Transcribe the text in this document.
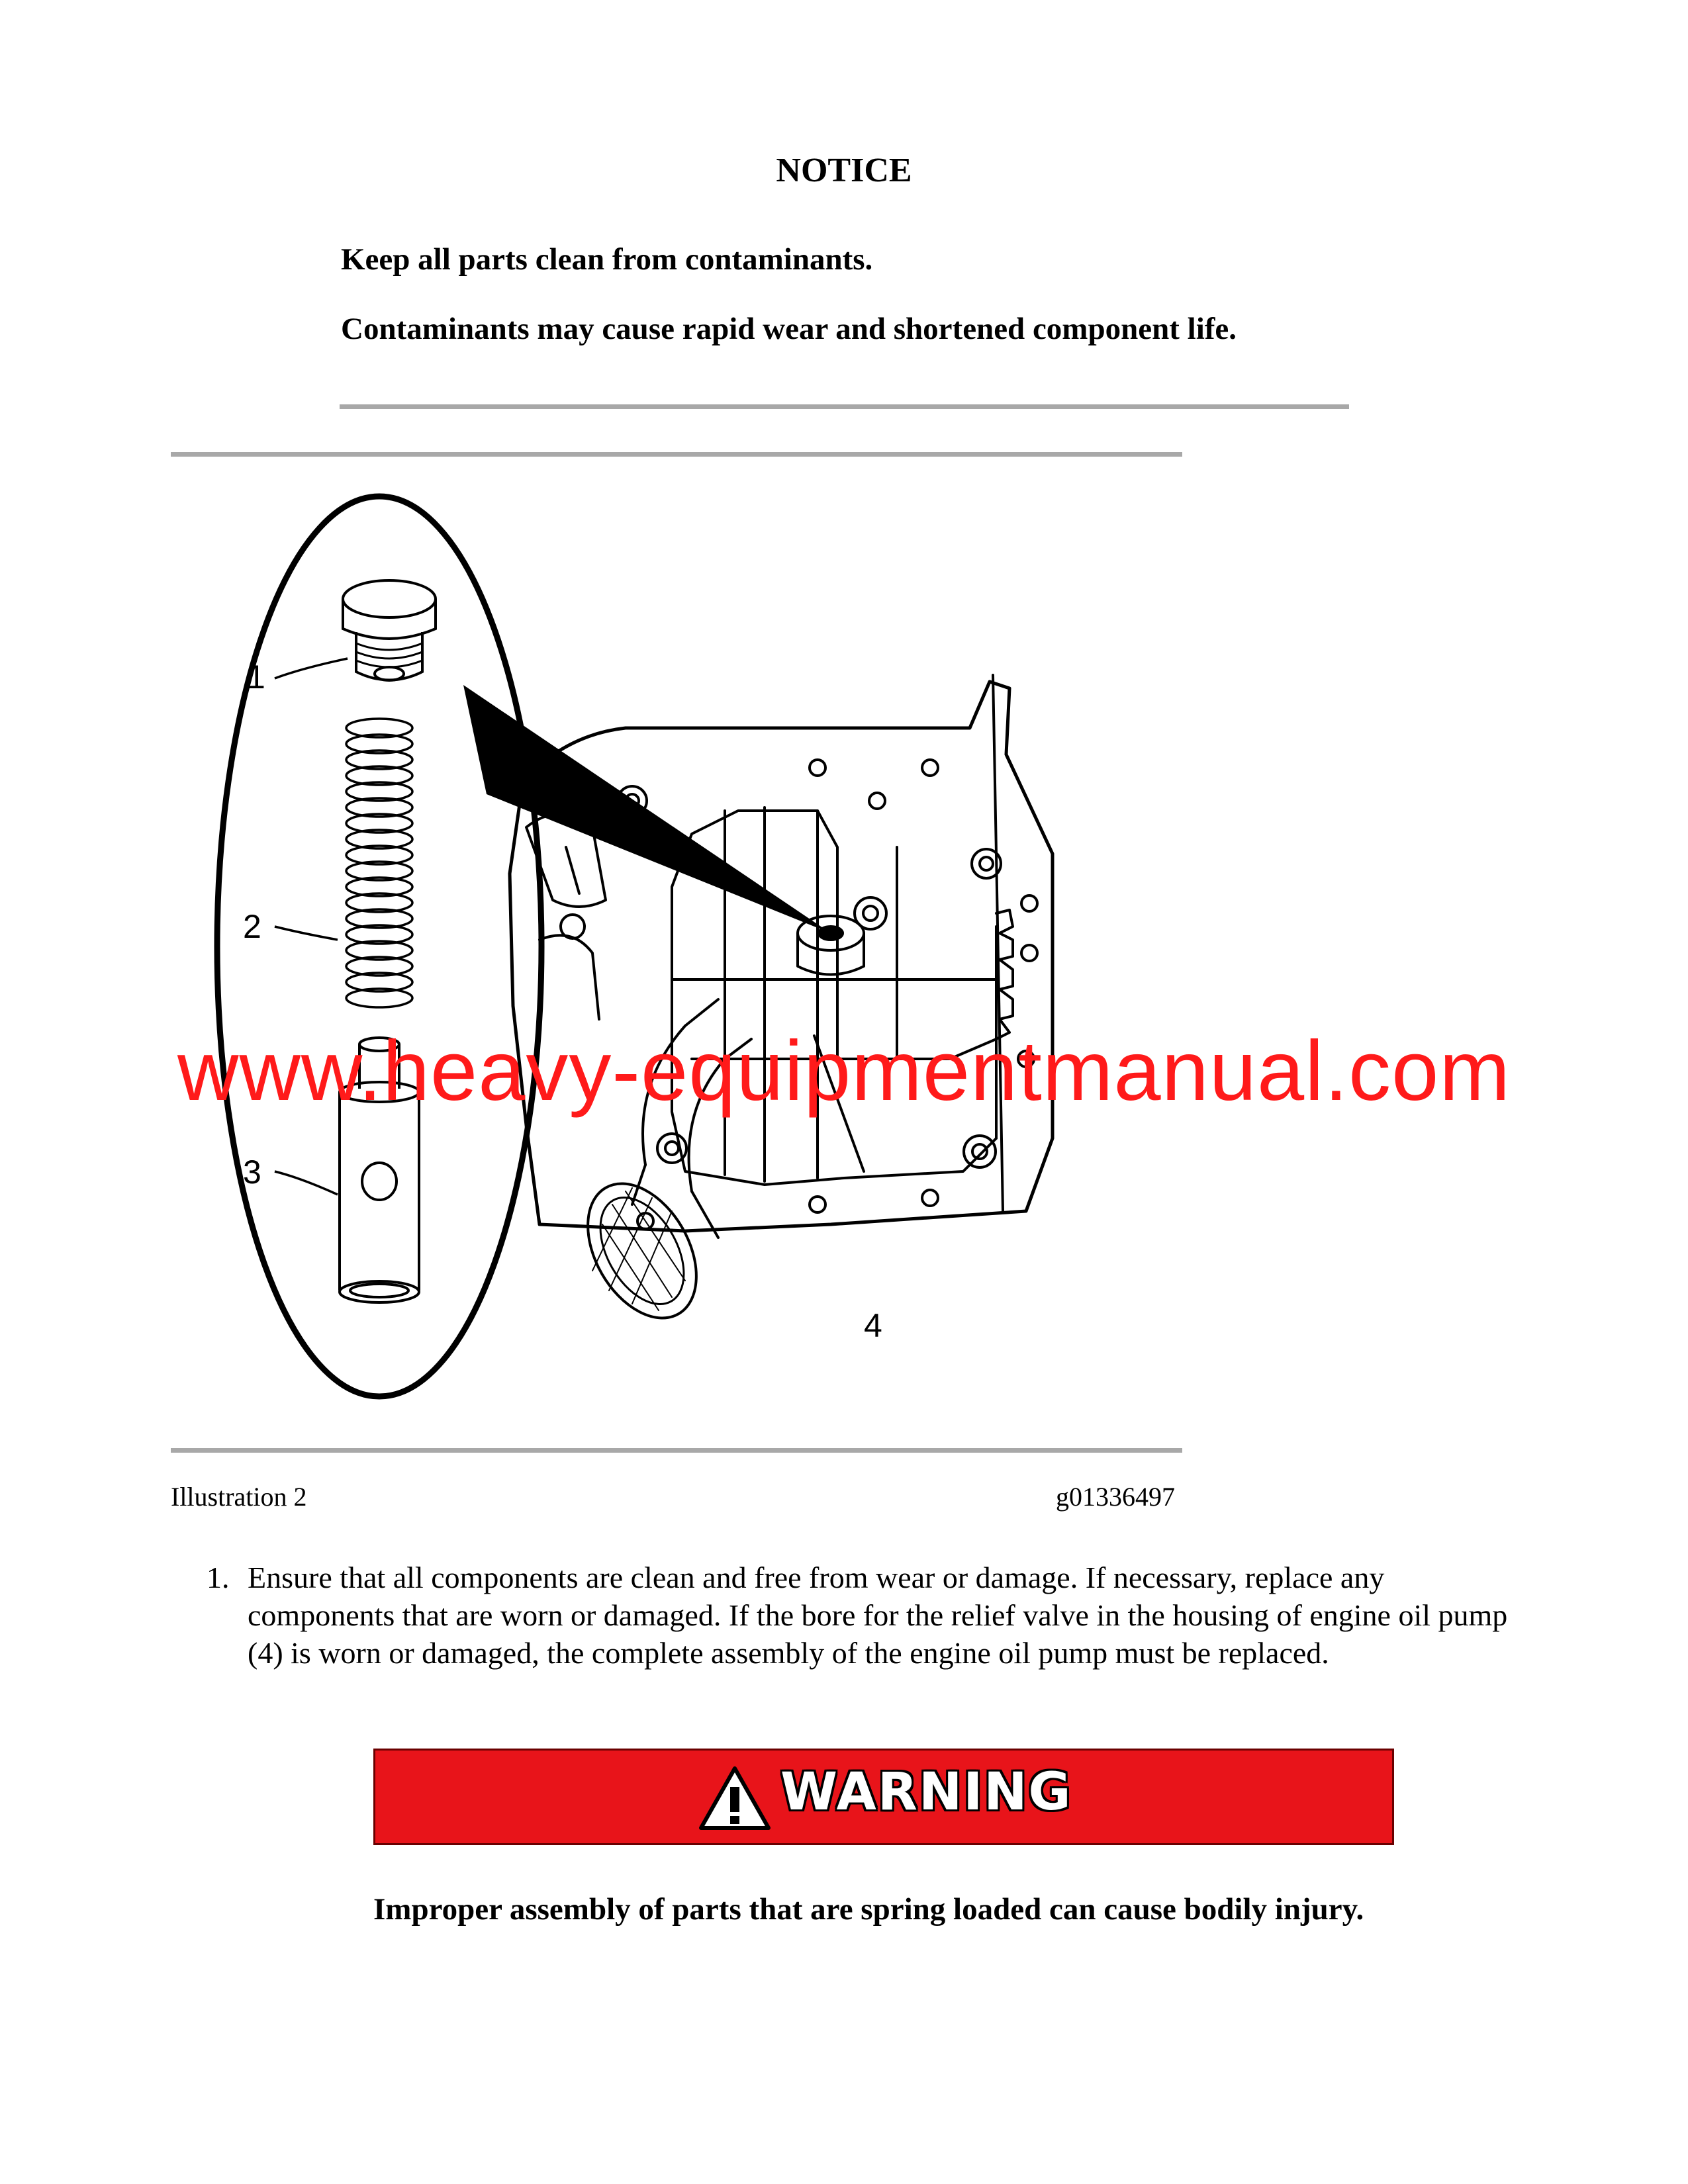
NOTICE
Keep all parts clean from contaminants.
Contaminants may cause rapid wear and shortened component life.
1
2
3
4
www.heavy-equipmentmanual.com
Illustration 2	g01336497
1. Ensure that all components are clean and free from wear or damage. If necessary, replace any components that are worn or damaged. If the bore for the relief valve in the housing of engine oil pump (4) is worn or damaged, the complete assembly of the engine oil pump must be replaced.
WARNING
Improper assembly of parts that are spring loaded can cause bodily injury.
